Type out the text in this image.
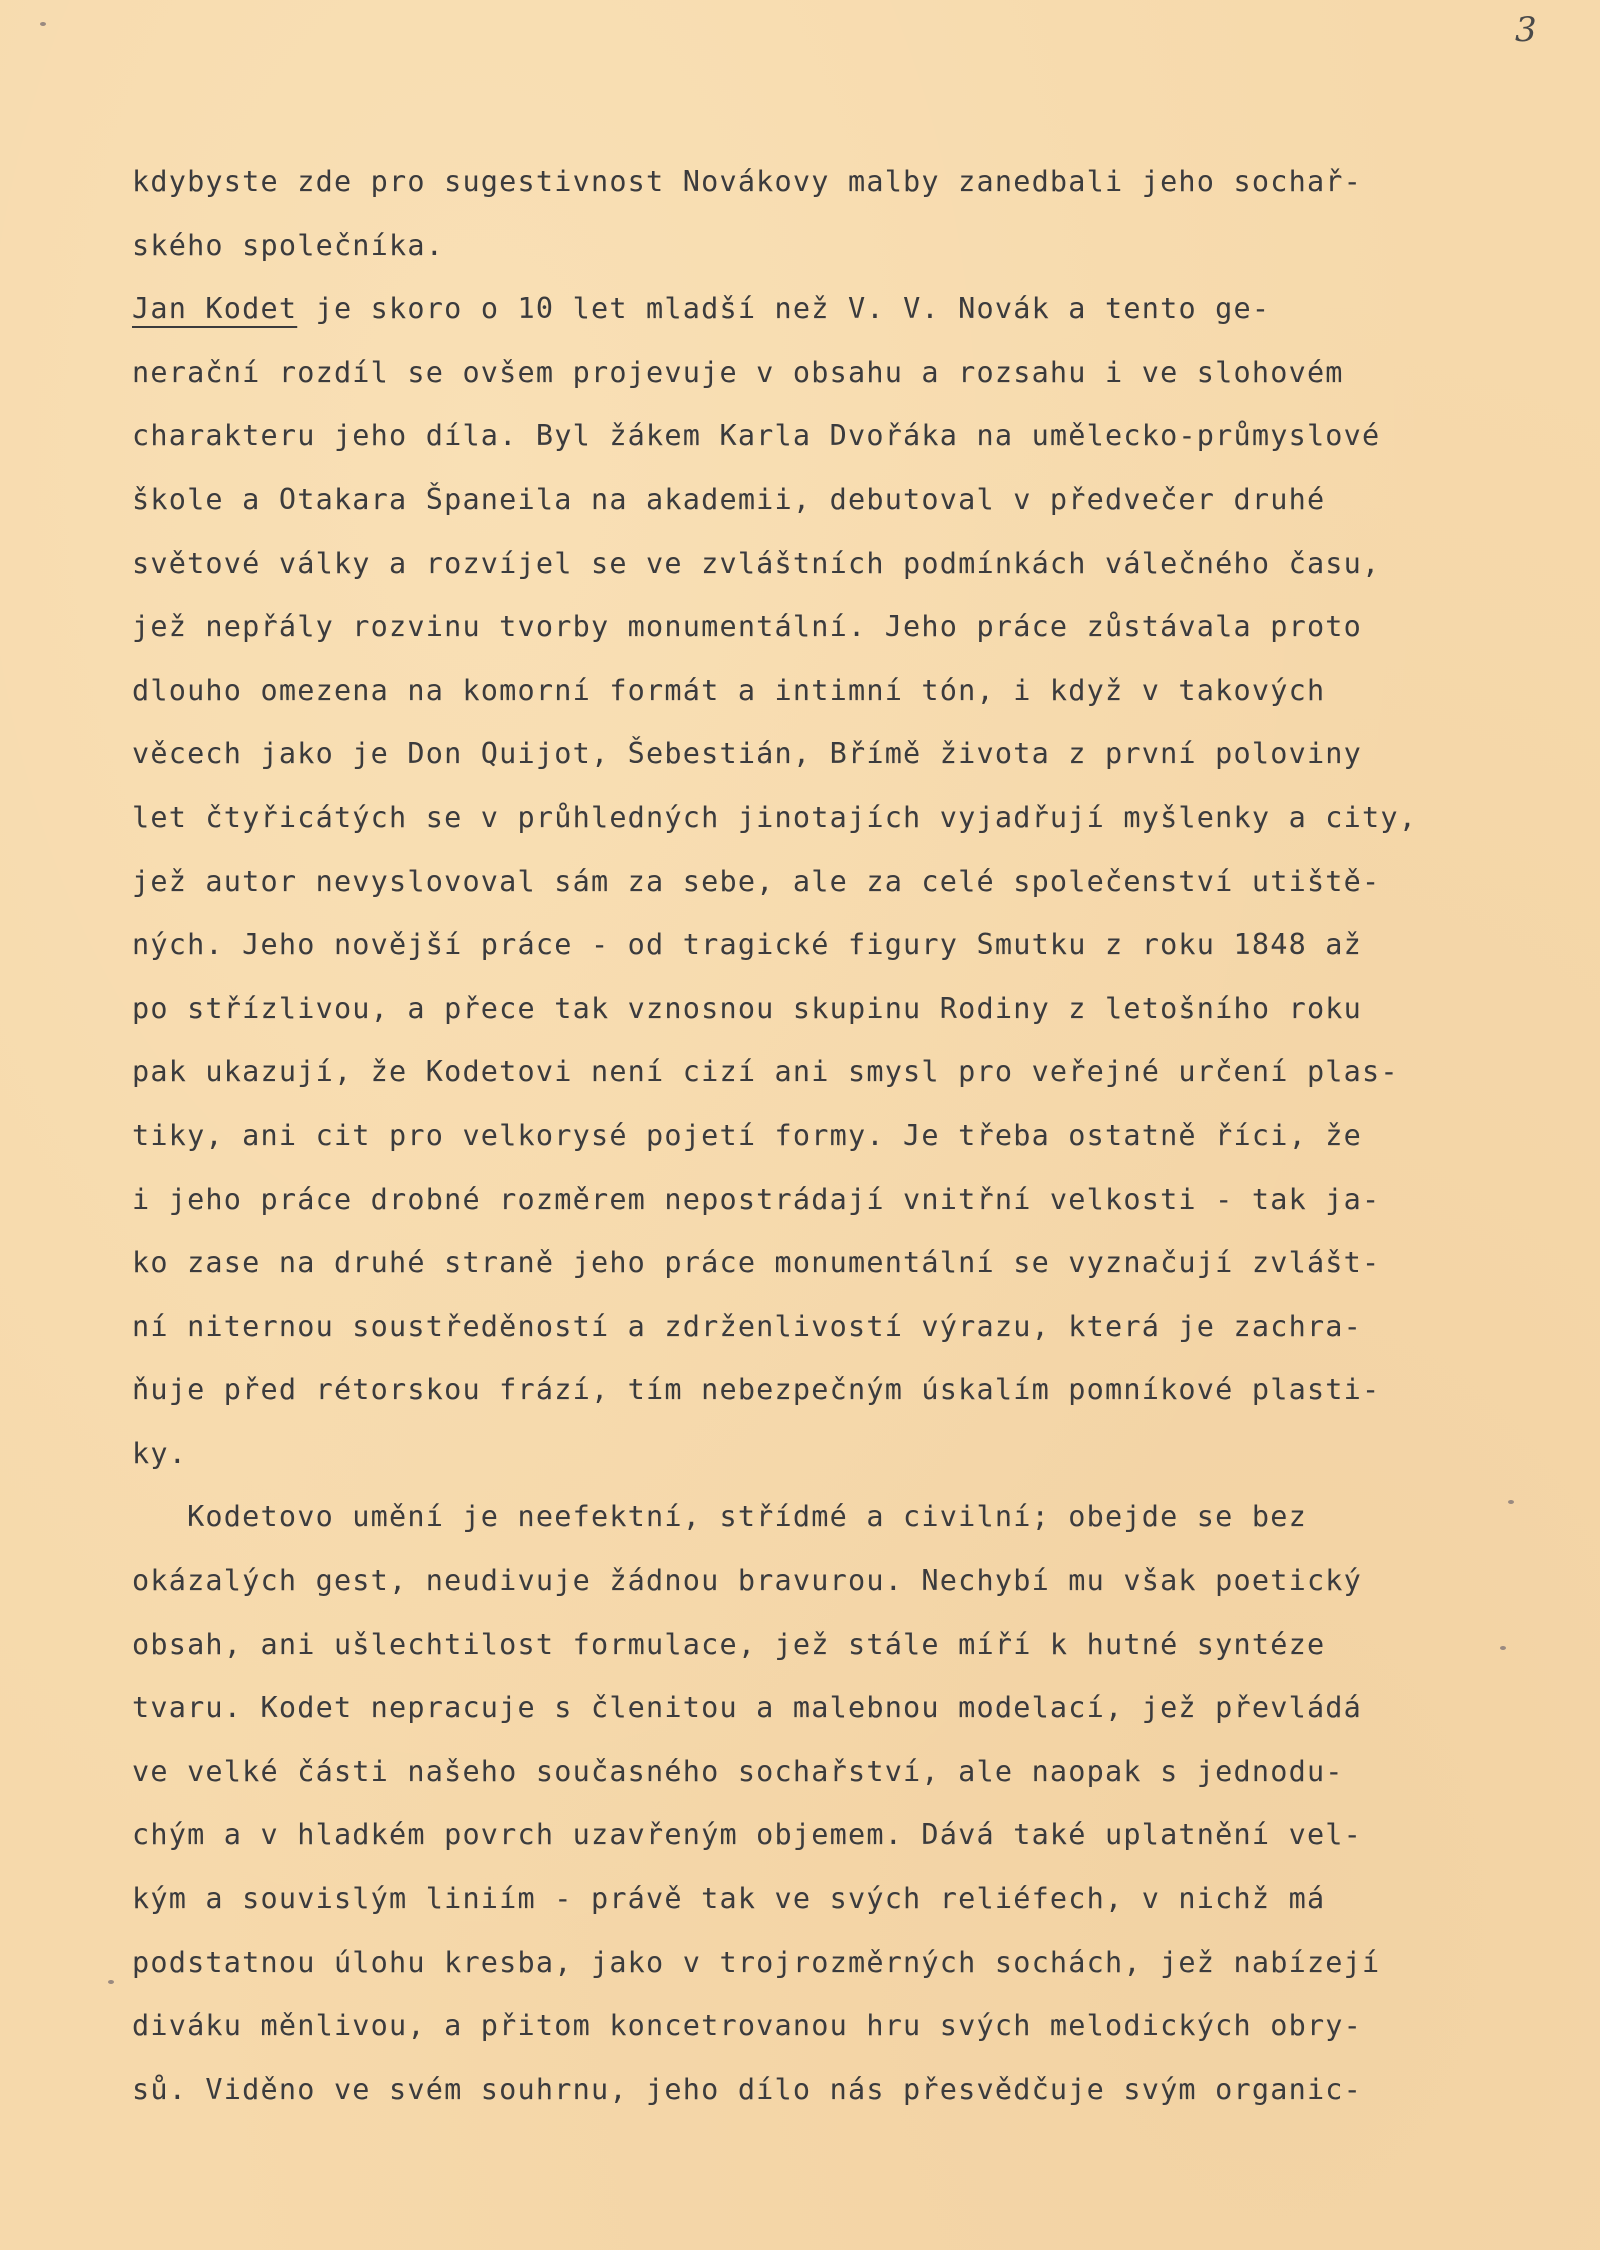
3
kdybyste zde pro sugestivnost Novákovy malby zanedbali jeho sochař-
ského společníka.
Jan Kodet je skoro o 10 let mladší než V. V. Novák a tento ge-
nerační rozdíl se ovšem projevuje v obsahu a rozsahu i ve slohovém
charakteru jeho díla. Byl žákem Karla Dvořáka na umělecko-průmyslové
škole a Otakara Španeila na akademii, debutoval v předvečer druhé
světové války a rozvíjel se ve zvláštních podmínkách válečného času,
jež nepřály rozvinu tvorby monumentální. Jeho práce zůstávala proto
dlouho omezena na komorní formát a intimní tón, i když v takových
věcech jako je Don Quijot, Šebestián, Břímě života z první poloviny
let čtyřicátých se v průhledných jinotajích vyjadřují myšlenky a city,
jež autor nevyslovoval sám za sebe, ale za celé společenství utiště-
ných. Jeho novější práce - od tragické figury Smutku z roku 1848 až
po střízlivou, a přece tak vznosnou skupinu Rodiny z letošního roku
pak ukazují, že Kodetovi není cizí ani smysl pro veřejné určení plas-
tiky, ani cit pro velkorysé pojetí formy. Je třeba ostatně říci, že
i jeho práce drobné rozměrem nepostrádají vnitřní velkosti - tak ja-
ko zase na druhé straně jeho práce monumentální se vyznačují zvlášt-
ní niternou soustředěností a zdrženlivostí výrazu, která je zachra-
ňuje před rétorskou frází, tím nebezpečným úskalím pomníkové plasti-
ky.
Kodetovo umění je neefektní, střídmé a civilní; obejde se bez
okázalých gest, neudivuje žádnou bravurou. Nechybí mu však poetický
obsah, ani ušlechtilost formulace, jež stále míří k hutné syntéze
tvaru. Kodet nepracuje s členitou a malebnou modelací, jež převládá
ve velké části našeho současného sochařství, ale naopak s jednodu-
chým a v hladkém povrch uzavřeným objemem. Dává také uplatnění vel-
kým a souvislým liniím - právě tak ve svých reliéfech, v nichž má
podstatnou úlohu kresba, jako v trojrozměrných sochách, jež nabízejí
diváku měnlivou, a přitom koncetrovanou hru svých melodických obry-
sů. Viděno ve svém souhrnu, jeho dílo nás přesvědčuje svým organic-
